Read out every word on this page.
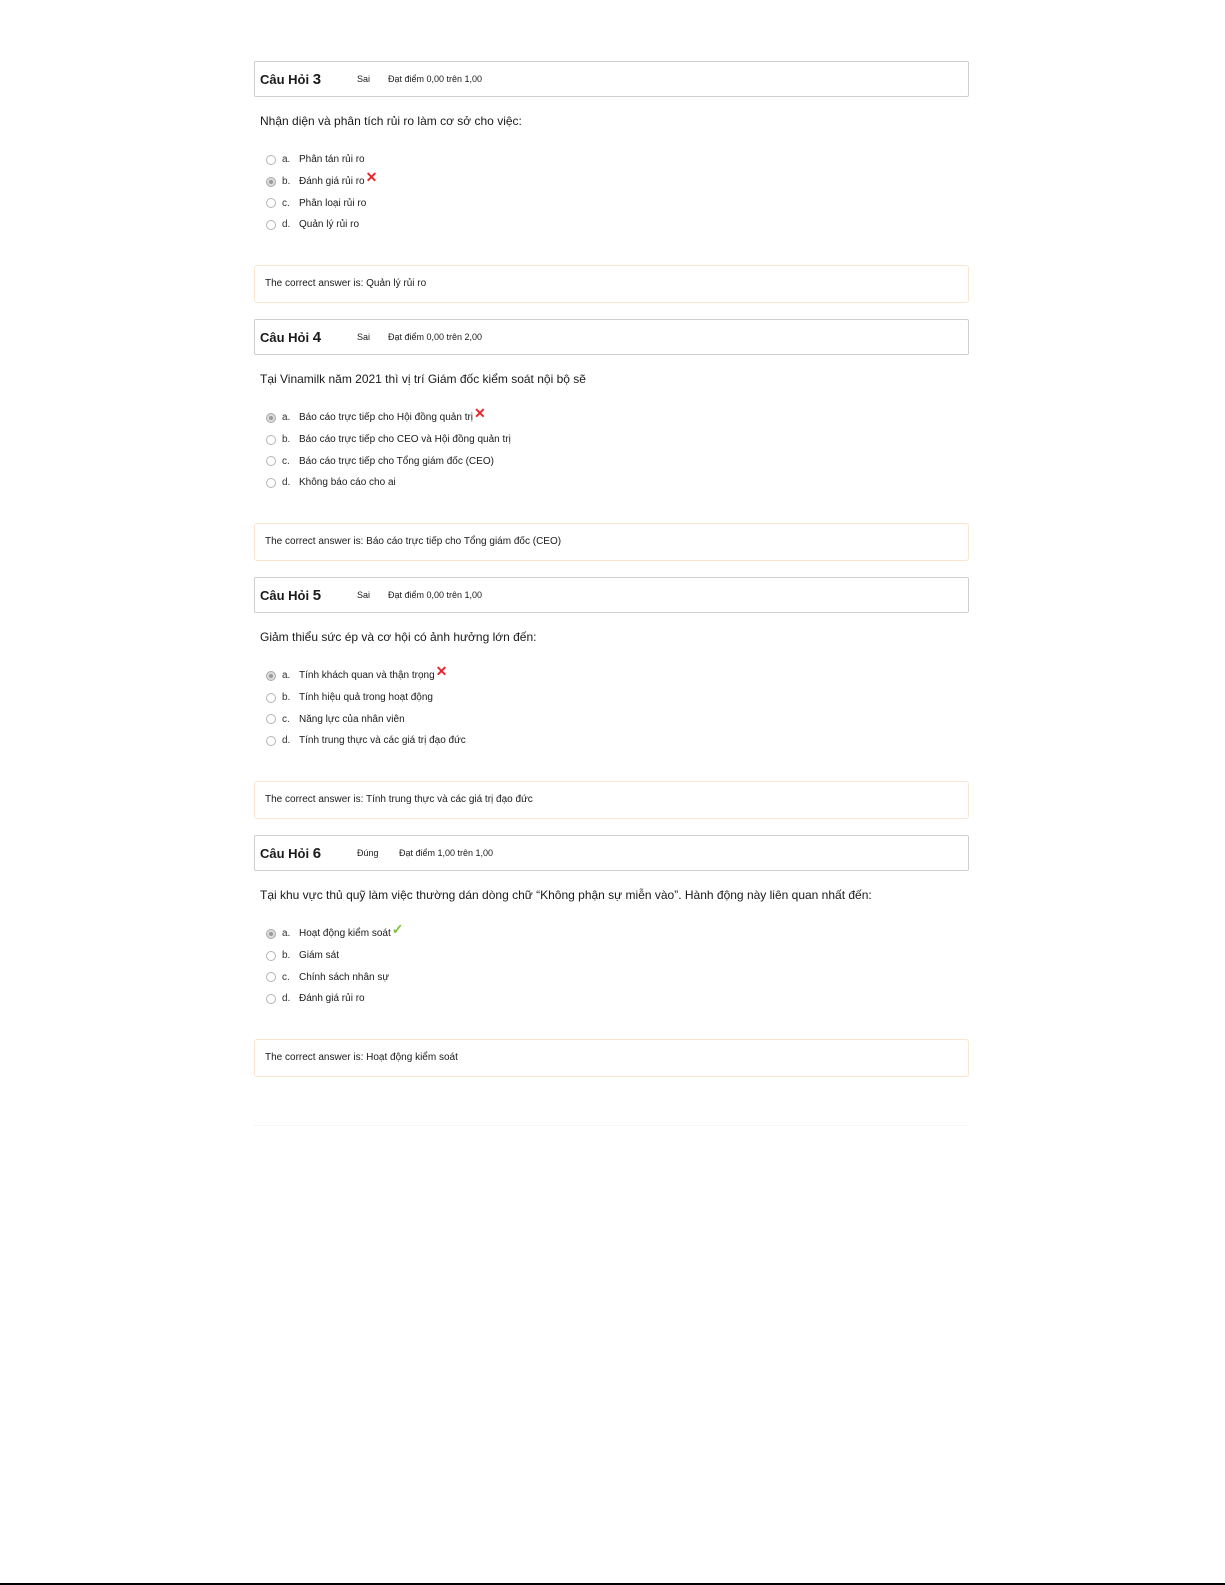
Câu Hỏi 3	Sai	Đạt điểm 0,00 trên 1,00
Nhận diện và phân tích rủi ro làm cơ sở cho việc:
a. Phân tán rủi ro
b. Đánh giá rủi ro ✕
c. Phân loại rủi ro
d. Quản lý rủi ro
The correct answer is: Quản lý rủi ro
Câu Hỏi 4	Sai	Đạt điểm 0,00 trên 2,00
Tại Vinamilk năm 2021 thì vị trí Giám đốc kiểm soát nội bộ sẽ
a. Báo cáo trực tiếp cho Hội đồng quản trị ✕
b. Báo cáo trực tiếp cho CEO và Hội đồng quản trị
c. Báo cáo trực tiếp cho Tổng giám đốc (CEO)
d. Không báo cáo cho ai
The correct answer is: Báo cáo trực tiếp cho Tổng giám đốc (CEO)
Câu Hỏi 5	Sai	Đạt điểm 0,00 trên 1,00
Giảm thiểu sức ép và cơ hội có ảnh hưởng lớn đến:
a. Tính khách quan và thận trọng ✕
b. Tính hiệu quả trong hoạt động
c. Năng lực của nhân viên
d. Tính trung thực và các giá trị đạo đức
The correct answer is: Tính trung thực và các giá trị đạo đức
Câu Hỏi 6	Đúng	Đạt điểm 1,00 trên 1,00
Tại khu vực thủ quỹ làm việc thường dán dòng chữ “Không phận sự miễn vào”. Hành động này liên quan nhất đến:
a. Hoạt động kiểm soát ✓
b. Giám sát
c. Chính sách nhân sự
d. Đánh giá rủi ro
The correct answer is: Hoạt động kiểm soát
